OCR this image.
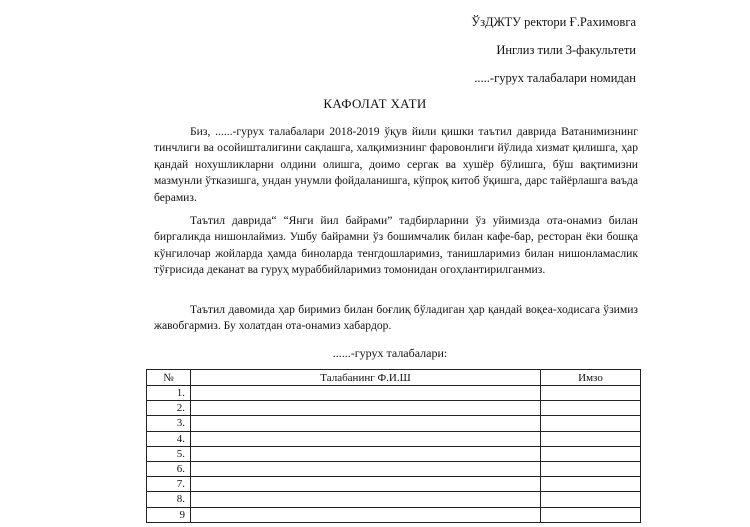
ЎзДЖТУ ректори Ғ.Рахимовга
Инглиз тили 3-факультети
.....-гурух талабалари номидан
КАФОЛАТ ХАТИ

Биз, ......-гурух талабалари 2018-2019 ўқув йили қишки таътил даврида Ватанимизнинг тинчлиги ва осойишталигини сақлашга, халқимизнинг фаровонлиги йўлида хизмат қилишга, ҳар қандай нохушликларни олдини олишга, доимо сергак ва хушёр бўлишга, бўш вақтимизни мазмунли ўтказишга, ундан унумли фойдаланишга, кўпроқ китоб ўқишга, дарс тайёрлашга ваъда берамиз.

Таътил даврида“ “Янги йил байрами” тадбирларини ўз уйимизда ота-онамиз билан биргаликда нишонлаймиз. Ушбу байрамни ўз бошимчалик билан кафе-бар, ресторан ёки бошқа кўнгилочар жойларда ҳамда биноларда тенгдошларимиз, танишларимиз билан нишонламаслик тўғрисида деканат ва гуруҳ мураббийларимиз томонидан огоҳлантирилганмиз.

Таътил давомида ҳар биримиз билан боғлиқ бўладиган ҳар қандай воқеа-ходисага ўзимиз жавобгармиз. Бу холатдан ота-онамиз хабардор.

......-гурух талабалари:
№	Талабанинг Ф.И.Ш	Имзо
1.		
2.		
3.		
4.		
5.		
6.		
7.		
8.		
9		
